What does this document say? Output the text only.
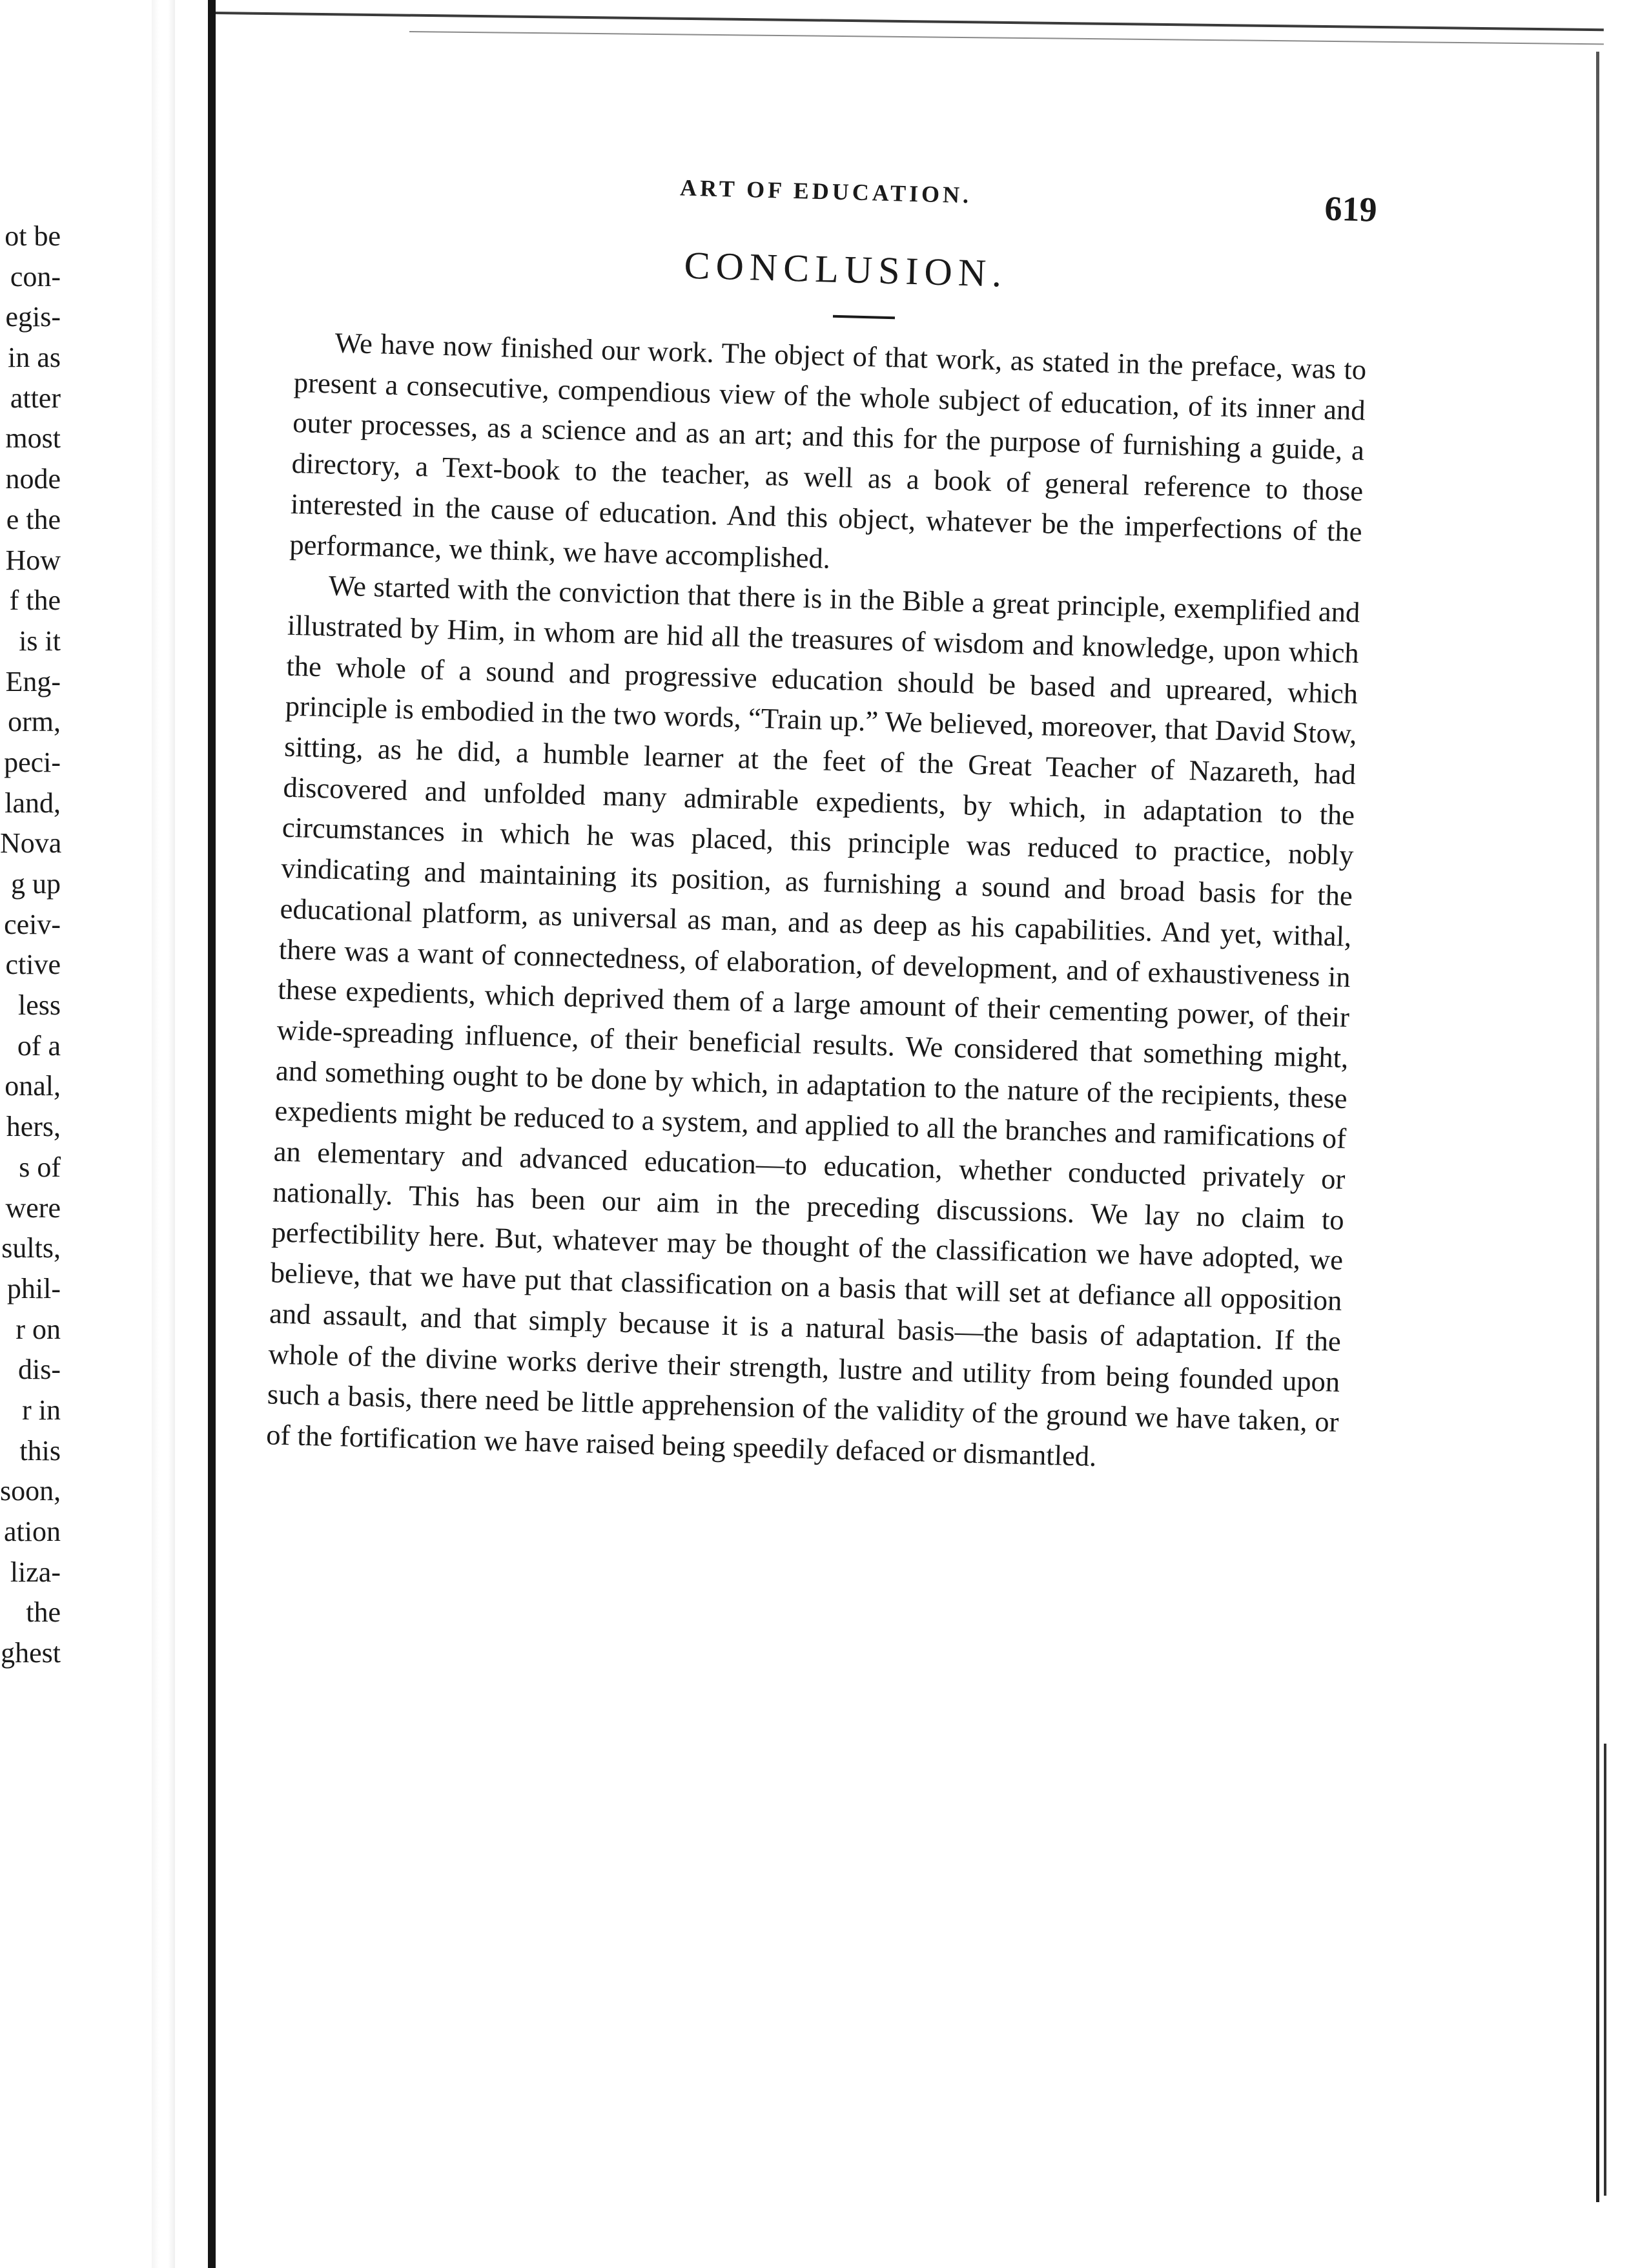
ot be
con-
egis-
in as
atter
most
node
e the
How
f the
is it
Eng-
orm,
peci-
land,
Nova
g up
ceiv-
ctive
less
of a
onal,
hers,
s of
were
sults,
phil-
r on
dis-
r in
this
soon,
ation
liza-
the
ghest
ART OF EDUCATION.	619
CONCLUSION.

We have now finished our work. The object of that work, as stated in the preface, was to present a consecutive, compendious view of the whole subject of education, of its inner and outer processes, as a science and as an art; and this for the purpose of furnishing a guide, a directory, a Text-book to the teacher, as well as a book of general reference to those interested in the cause of education. And this object, whatever be the imperfections of the performance, we think, we have accomplished.

We started with the conviction that there is in the Bible a great principle, exemplified and illustrated by Him, in whom are hid all the treasures of wisdom and knowledge, upon which the whole of a sound and progressive education should be based and upreared, which principle is embodied in the two words, “Train up.” We believed, moreover, that David Stow, sitting, as he did, a humble learner at the feet of the Great Teacher of Nazareth, had discovered and unfolded many admirable expedients, by which, in adaptation to the circumstances in which he was placed, this principle was reduced to practice, nobly vindicating and maintaining its position, as furnishing a sound and broad basis for the educational platform, as universal as man, and as deep as his capabilities. And yet, withal, there was a want of connectedness, of elaboration, of development, and of exhaustiveness in these expedients, which deprived them of a large amount of their cementing power, of their wide-spreading influence, of their beneficial results. We considered that something might, and something ought to be done by which, in adaptation to the nature of the recipients, these expedients might be reduced to a system, and applied to all the branches and ramifications of an elementary and advanced education—to education, whether conducted privately or nationally. This has been our aim in the preceding discussions. We lay no claim to perfectibility here. But, whatever may be thought of the classification we have adopted, we believe, that we have put that classification on a basis that will set at defiance all opposition and assault, and that simply because it is a natural basis—the basis of adaptation. If the whole of the divine works derive their strength, lustre and utility from being founded upon such a basis, there need be little apprehension of the validity of the ground we have taken, or of the fortification we have raised being speedily defaced or dismantled.
